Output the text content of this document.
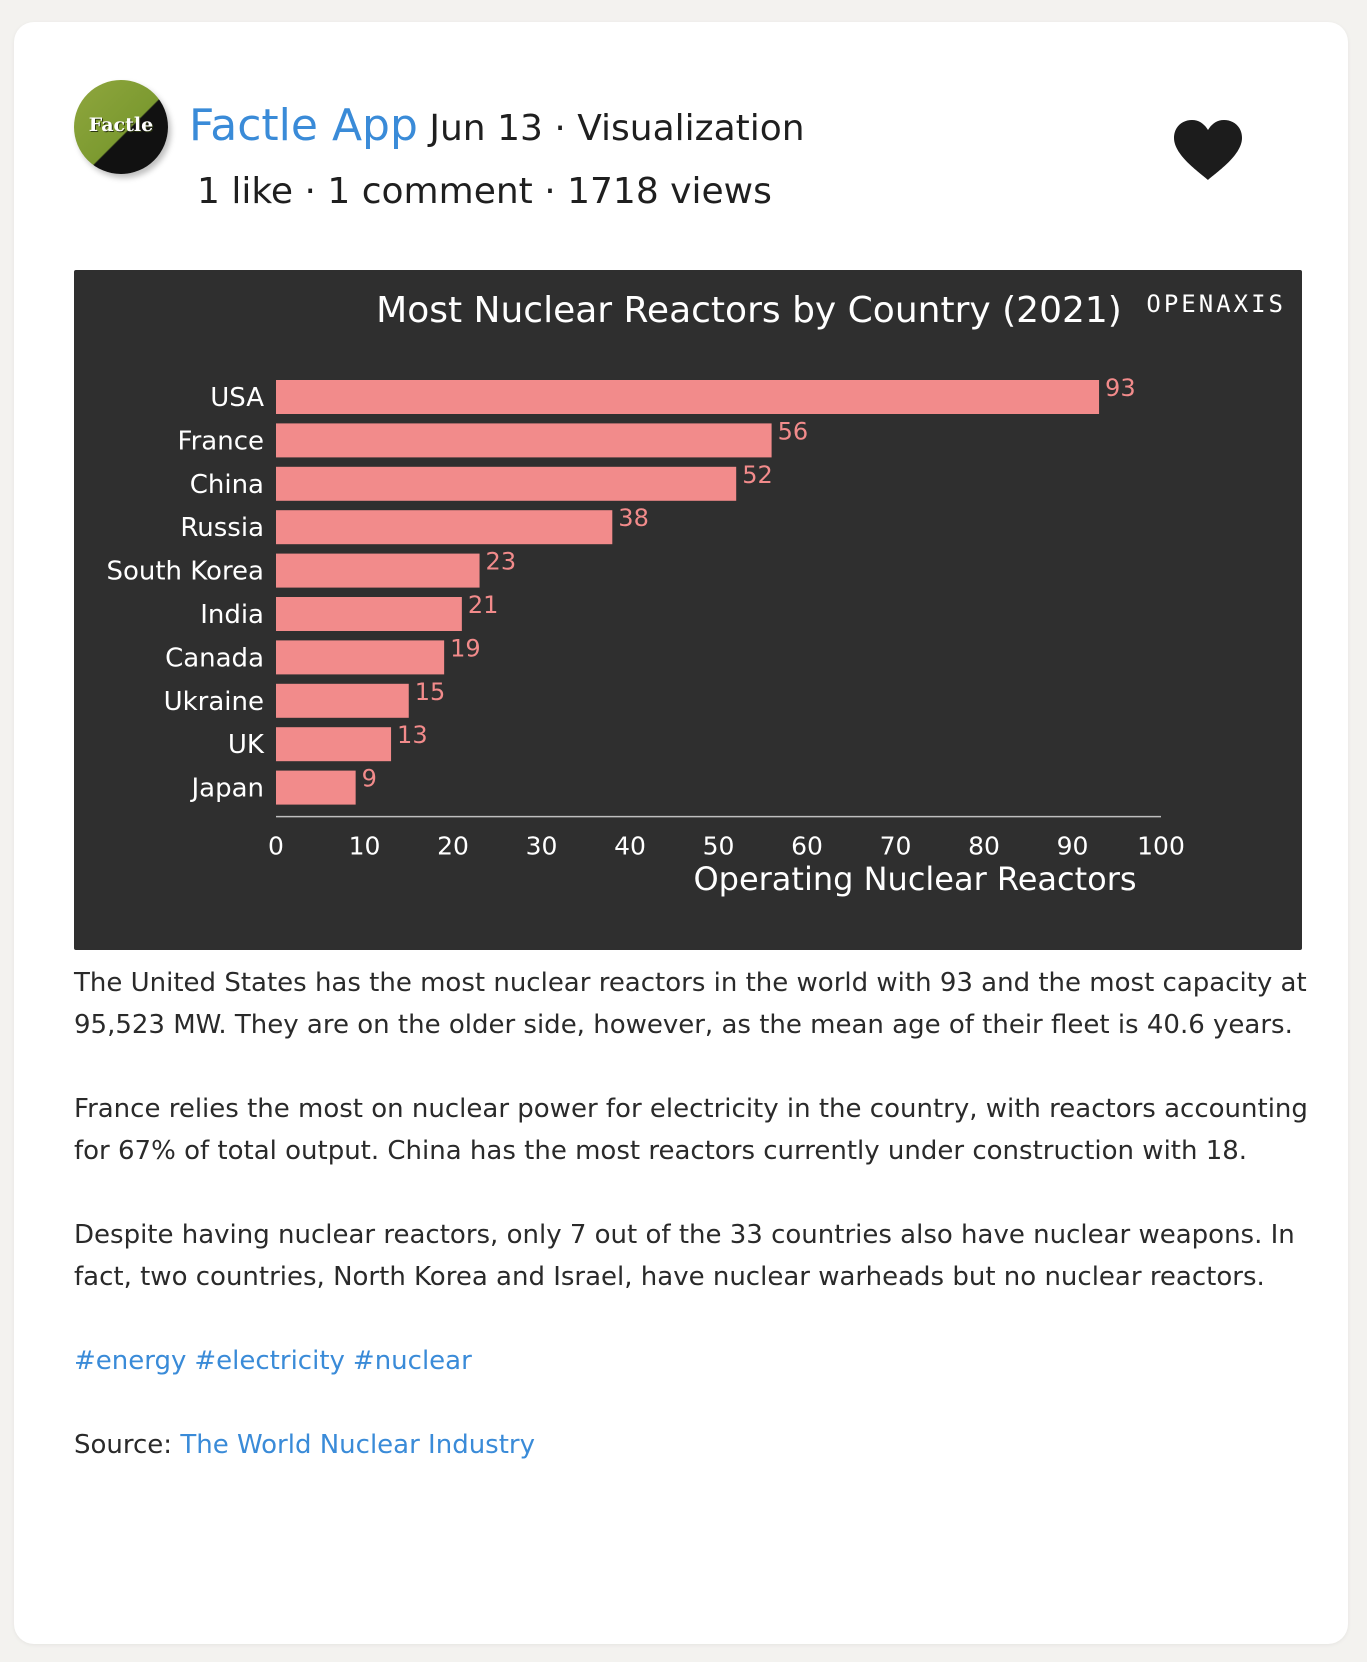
Factle Factle App Jun 13 · Visualization
1 like · 1 comment · 1718 views
Most Nuclear Reactors by Country (2021) OPENAXIS
USA	93
France	56
China	52
Russia	38
South Korea	23
India	21
Canada	19
Ukraine	15
UK	13
Japan	9
0	10 20 30 40 50 60 70 80 90 100
Operating Nuclear Reactors

The United States has the most nuclear reactors in the world with 93 and the most capacity at 95,523 MW. They are on the older side, however, as the mean age of their fleet is 40.6 years.

France relies the most on nuclear power for electricity in the country, with reactors accounting for 67% of total output. China has the most reactors currently under construction with 18.

Despite having nuclear reactors, only 7 out of the 33 countries also have nuclear weapons. In fact, two countries, North Korea and Israel, have nuclear warheads but no nuclear reactors.

#energy #electricity #nuclear

Source: The World Nuclear Industry
